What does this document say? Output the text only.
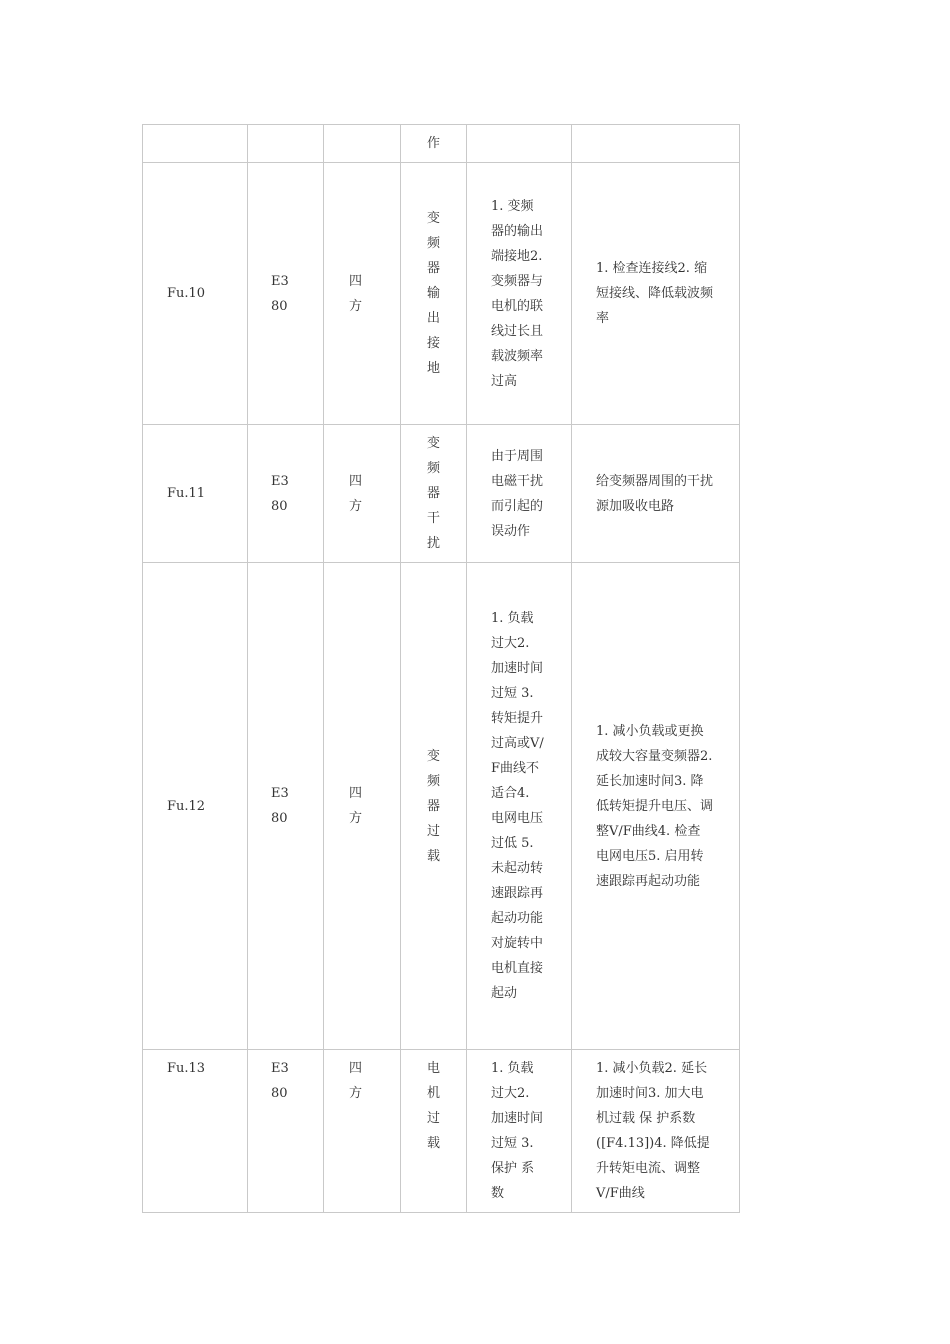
			作		
Fu.10	E380	四方	变频器输出接地	1. 变频器的输出端接地2. 变频器与电机的联线过长且载波频率过高	1. 检查连接线2. 缩短接线、降低载波频率
Fu.11	E380	四方	变频器干扰	由于周围电磁干扰而引起的误动作	给变频器周围的干扰源加吸收电路
Fu.12	E380	四方	变频器过载	1. 负载过大2. 加速时间过短 3. 转矩提升过高或V/F曲线不适合4. 电网电压过低 5. 未起动转速跟踪再起动功能对旋转中电机直接起动	1. 减小负载或更换成较大容量变频器2. 延长加速时间3. 降低转矩提升电压、调整V/F曲线4. 检查电网电压5. 启用转速跟踪再起动功能
Fu.13	E380	四方	电机过载	1. 负载过大2. 加速时间过短 3. 保护 系数	1. 减小负载2. 延长加速时间3. 加大电机过载 保 护系数([F4.13])4. 降低提升转矩电流、调整V/F曲线
